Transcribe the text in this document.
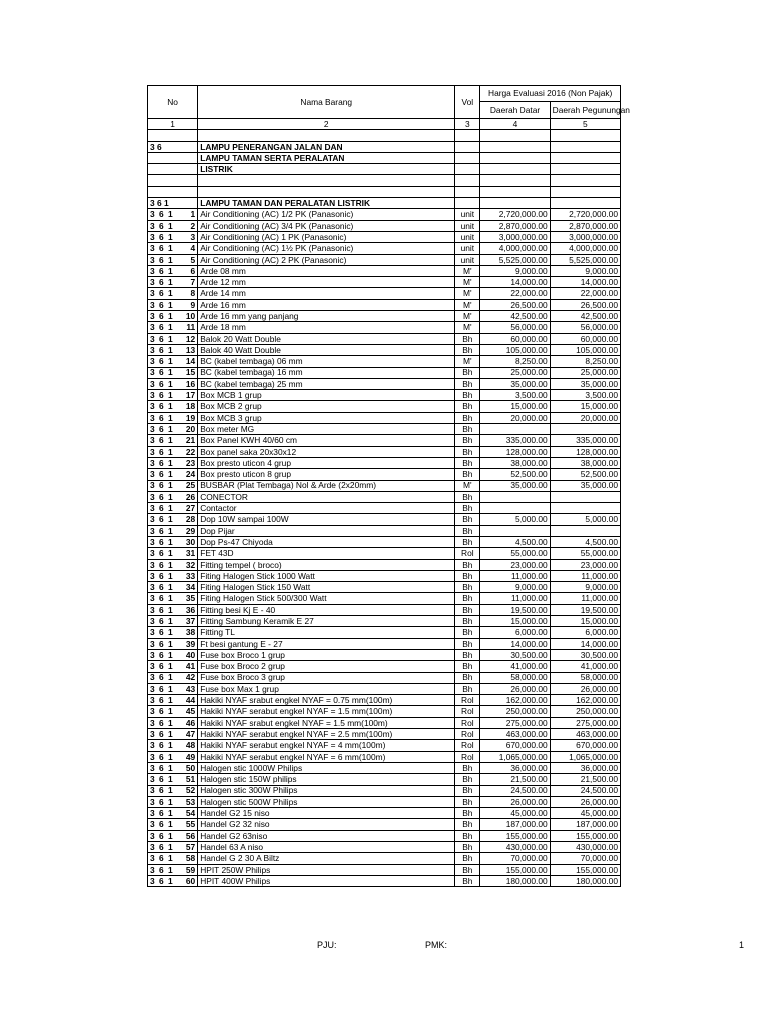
No	Nama Barang	Vol	Harga Evaluasi 2016 (Non Pajak)	
			Daerah Datar	Daerah Pegunungan
1	2	3	4	5

3 6	LAMPU PENERANGAN JALAN DAN			
	LAMPU TAMAN SERTA PERALATAN			
	LISTRIK			

3 6 1	LAMPU TAMAN DAN PERALATAN LISTRIK			

3 6 1 1	Air Conditioning (AC) 1/2 PK (Panasonic)	unit	2,720,000.00	2,720,000.00

3 6 1 2	Air Conditioning (AC) 3/4 PK (Panasonic)	unit	2,870,000.00	2,870,000.00

3 6 1 3	Air Conditioning (AC) 1 PK (Panasonic)	unit	3,000,000.00	3,000,000.00

3 6 1 4	Air Conditioning (AC) 1½ PK (Panasonic)	unit	4,000,000.00	4,000,000.00

3 6 1 5	Air Conditioning (AC) 2 PK (Panasonic)	unit	5,525,000.00	5,525,000.00

3 6 1 6	Arde 08 mm	M'	9,000.00	9,000.00

3 6 1 7	Arde 12 mm	M'	14,000.00	14,000.00

3 6 1 8	Arde 14 mm	M'	22,000.00	22,000.00

3 6 1 9	Arde 16 mm	M'	26,500.00	26,500.00

3 6 1 10	Arde 16 mm yang panjang	M'	42,500.00	42,500.00

3 6 1 11	Arde 18 mm	M'	56,000.00	56,000.00

3 6 1 12	Balok 20 Watt Double	Bh	60,000.00	60,000.00

3 6 1 13	Balok 40 Watt Double	Bh	105,000.00	105,000.00

3 6 1 14	BC (kabel tembaga) 06 mm	M'	8,250.00	8,250.00

3 6 1 15	BC (kabel tembaga) 16 mm	Bh	25,000.00	25,000.00

3 6 1 16	BC (kabel tembaga) 25 mm	Bh	35,000.00	35,000.00

3 6 1 17	Box MCB 1 grup	Bh	3,500.00	3,500.00

3 6 1 18	Box MCB 2 grup	Bh	15,000.00	15,000.00

3 6 1 19	Box MCB 3 grup	Bh	20,000.00	20,000.00

3 6 1 20	Box meter MG	Bh		

3 6 1 21	Box Panel KWH 40/60 cm	Bh	335,000.00	335,000.00

3 6 1 22	Box panel saka 20x30x12	Bh	128,000.00	128,000.00

3 6 1 23	Box presto uticon 4 grup	Bh	38,000.00	38,000.00

3 6 1 24	Box presto uticon 8 grup	Bh	52,500.00	52,500.00

3 6 1 25	BUSBAR (Plat Tembaga) Nol & Arde (2x20mm)	M'	35,000.00	35,000.00

3 6 1 26	CONECTOR	Bh		

3 6 1 27	Contactor	Bh		

3 6 1 28	Dop 10W sampai 100W	Bh	5,000.00	5,000.00

3 6 1 29	Dop Pijar	Bh		

3 6 1 30	Dop Ps-47 Chiyoda	Bh	4,500.00	4,500.00

3 6 1 31	FET 43D	Rol	55,000.00	55,000.00

3 6 1 32	Fitting tempel ( broco)	Bh	23,000.00	23,000.00

3 6 1 33	Fiting Halogen Stick 1000 Watt	Bh	11,000.00	11,000.00

3 6 1 34	Fiting Halogen Stick 150 Watt	Bh	9,000.00	9,000.00

3 6 1 35	Fiting Halogen Stick 500/300 Watt	Bh	11,000.00	11,000.00

3 6 1 36	Fitting besi Kj E - 40	Bh	19,500.00	19,500.00

3 6 1 37	Fitting Sambung Keramik E 27	Bh	15,000.00	15,000.00

3 6 1 38	Fitting TL	Bh	6,000.00	6,000.00

3 6 1 39	Ft besi gantung E - 27	Bh	14,000.00	14,000.00

3 6 1 40	Fuse box Broco 1 grup	Bh	30,500.00	30,500.00

3 6 1 41	Fuse box Broco 2 grup	Bh	41,000.00	41,000.00

3 6 1 42	Fuse box Broco 3 grup	Bh	58,000.00	58,000.00

3 6 1 43	Fuse box Max 1 grup	Bh	26,000.00	26,000.00

3 6 1 44	Hakiki NYAF srabut engkel NYAF = 0.75 mm(100m)	Rol	162,000.00	162,000.00

3 6 1 45	Hakiki NYAF serabut engkel NYAF = 1.5 mm(100m)	Rol	250,000.00	250,000.00

3 6 1 46	Hakiki NYAF srabut engkel NYAF = 1.5 mm(100m)	Rol	275,000.00	275,000.00

3 6 1 47	Hakiki NYAF serabut engkel NYAF = 2.5 mm(100m)	Rol	463,000.00	463,000.00

3 6 1 48	Hakiki NYAF serabut engkel NYAF = 4 mm(100m)	Rol	670,000.00	670,000.00

3 6 1 49	Hakiki NYAF serabut engkel NYAF = 6 mm(100m)	Rol	1,065,000.00	1,065,000.00

3 6 1 50	Halogen stic 1000W Philips	Bh	36,000.00	36,000.00

3 6 1 51	Halogen stic 150W philips	Bh	21,500.00	21,500.00

3 6 1 52	Halogen stic 300W Philips	Bh	24,500.00	24,500.00

3 6 1 53	Halogen stic 500W Philips	Bh	26,000.00	26,000.00

3 6 1 54	Handel G2 15 niso	Bh	45,000.00	45,000.00

3 6 1 55	Handel G2 32 niso	Bh	187,000.00	187,000.00

3 6 1 56	Handel G2 63niso	Bh	155,000.00	155,000.00

3 6 1 57	Handel 63 A niso	Bh	430,000.00	430,000.00

3 6 1 58	Handel G 2 30 A Biltz	Bh	70,000.00	70,000.00

3 6 1 59	HPIT 250W Philips	Bh	155,000.00	155,000.00

3 6 1 60	HPIT 400W Philips	Bh	180,000.00	180,000.00
PJU:	PMK:	1
